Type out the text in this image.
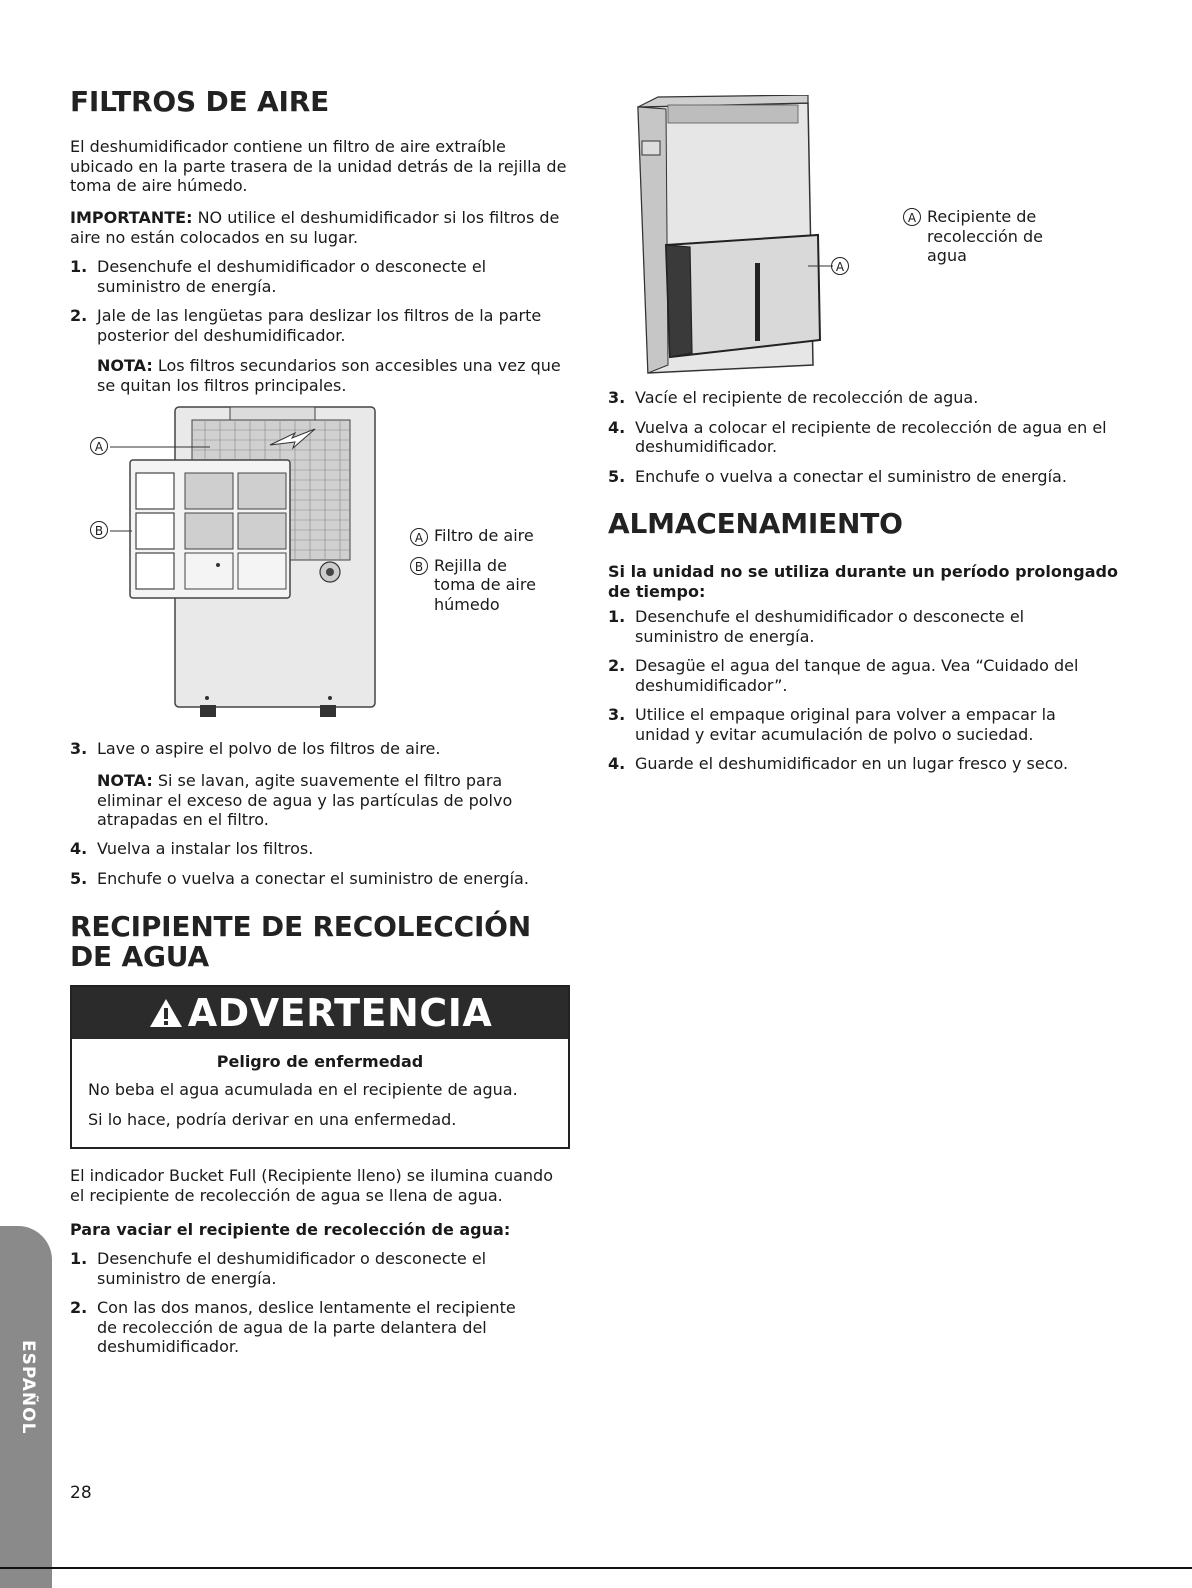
FILTROS DE AIRE

El deshumidificador contiene un filtro de aire extraíble ubicado en la parte trasera de la unidad detrás de la rejilla de toma de aire húmedo.

IMPORTANTE: NO utilice el deshumidificador si los filtros de aire no están colocados en su lugar.

1. Desenchufe el deshumidificador o desconecte el suministro de energía.
2. Jale de las lengüetas para deslizar los filtros de la parte posterior del deshumidificador.

NOTA: Los filtros secundarios son accesibles una vez que se quitan los filtros principales.

A
B	A Filtro de aire
B Rejilla de toma de aire húmedo
3. Lave o aspire el polvo de los filtros de aire.

NOTA: Si se lavan, agite suavemente el filtro para eliminar el exceso de agua y las partículas de polvo atrapadas en el filtro.

4. Vuelva a instalar los filtros.
5. Enchufe o vuelva a conectar el suministro de energía.
RECIPIENTE DE RECOLECCIÓN DE AGUA
ADVERTENCIA
Peligro de enfermedad
No beba el agua acumulada en el recipiente de agua.
Si lo hace, podría derivar en una enfermedad.

El indicador Bucket Full (Recipiente lleno) se ilumina cuando el recipiente de recolección de agua se llena de agua.

Para vaciar el recipiente de recolección de agua:

1. Desenchufe el deshumidificador o desconecte el suministro de energía.
2. Con las dos manos, deslice lentamente el recipiente de recolección de agua de la parte delantera del deshumidificador.
A
A Recipiente de recolección de agua
3. Vacíe el recipiente de recolección de agua.
4. Vuelva a colocar el recipiente de recolección de agua en el deshumidificador.
5. Enchufe o vuelva a conectar el suministro de energía.
ALMACENAMIENTO

Si la unidad no se utiliza durante un período prolongado de tiempo:

1. Desenchufe el deshumidificador o desconecte el suministro de energía.
2. Desagüe el agua del tanque de agua. Vea “Cuidado del deshumidificador”.
3. Utilice el empaque original para volver a empacar la unidad y evitar acumulación de polvo o suciedad.
4. Guarde el deshumidificador en un lugar fresco y seco.
ESPAÑOL
28
